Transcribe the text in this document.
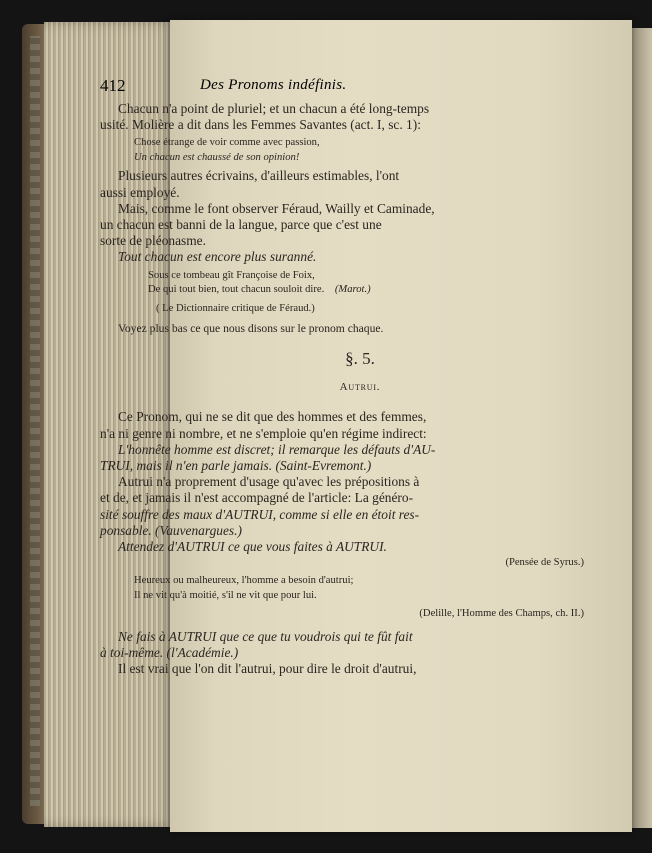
412	Des Pronoms indéfinis.

Chacun n'a point de pluriel; et un chacun a été long-temps

usité. Molière a dit dans les Femmes Savantes (act. I, sc. 1):

Chose étrange de voir comme avec passion,
Un chacun est chaussé de son opinion!

Plusieurs autres écrivains, d'ailleurs estimables, l'ont

aussi employé.

Mais, comme le font observer Féraud, Wailly et Caminade,

un chacun est banni de la langue, parce que c'est une

sorte de pléonasme.

Tout chacun est encore plus suranné.

Sous ce tombeau gît Françoise de Foix,
De qui tout bien, tout chacun souloit dire. (Marot.)
( Le Dictionnaire critique de Féraud.)

Voyez plus bas ce que nous disons sur le pronom chaque.

§. 5.
Autrui.

Ce Pronom, qui ne se dit que des hommes et des femmes,

n'a ni genre ni nombre, et ne s'emploie qu'en régime indirect:

L'honnête homme est discret; il remarque les défauts d'AU-

TRUI, mais il n'en parle jamais. (Saint-Evremont.)

Autrui n'a proprement d'usage qu'avec les prépositions à

et de, et jamais il n'est accompagné de l'article: La généro-

sité souffre des maux d'AUTRUI, comme si elle en étoit res-

ponsable. (Vauvenargues.)

Attendez d'AUTRUI ce que vous faites à AUTRUI.

(Pensée de Syrus.)
Heureux ou malheureux, l'homme a besoin d'autrui;
Il ne vit qu'à moitié, s'il ne vit que pour lui.
(Delille, l'Homme des Champs, ch. II.)

Ne fais à AUTRUI que ce que tu voudrois qui te fût fait

à toi-même. (l'Académie.)

Il est vrai que l'on dit l'autrui, pour dire le droit d'autrui,
